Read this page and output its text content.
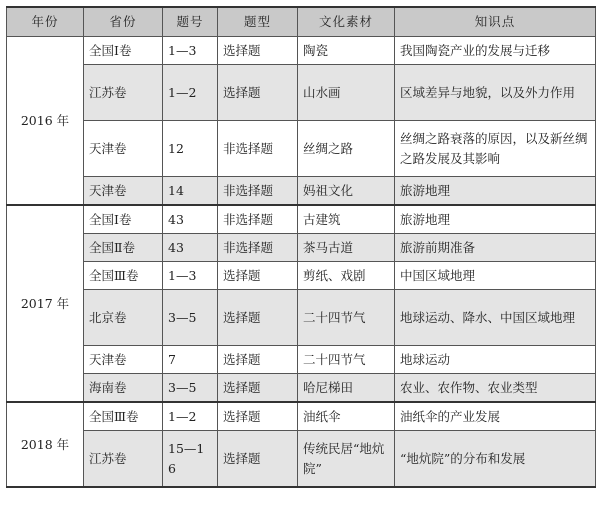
年份	省份	题号	题型	文化素材	知识点
2016 年	全国Ⅰ卷	1—3	选择题	陶瓷	我国陶瓷产业的发展与迁移
	江苏卷	1—2	选择题	山水画	区域差异与地貌，以及外力作用
	天津卷	12	非选择题	丝绸之路	丝绸之路衰落的原因，以及新丝绸之路发展及其影响
	天津卷	14	非选择题	妈祖文化	旅游地理
2017 年	全国Ⅰ卷	43	非选择题	古建筑	旅游地理
	全国Ⅱ卷	43	非选择题	茶马古道	旅游前期准备
	全国Ⅲ卷	1—3	选择题	剪纸、戏剧	中国区域地理
	北京卷	3—5	选择题	二十四节气	地球运动、降水、中国区域地理
	天津卷	7	选择题	二十四节气	地球运动
	海南卷	3—5	选择题	哈尼梯田	农业、农作物、农业类型
2018 年	全国Ⅲ卷	1—2	选择题	油纸伞	油纸伞的产业发展
	江苏卷	15—16	选择题	传统民居“地炕院”	“地炕院”的分布和发展
